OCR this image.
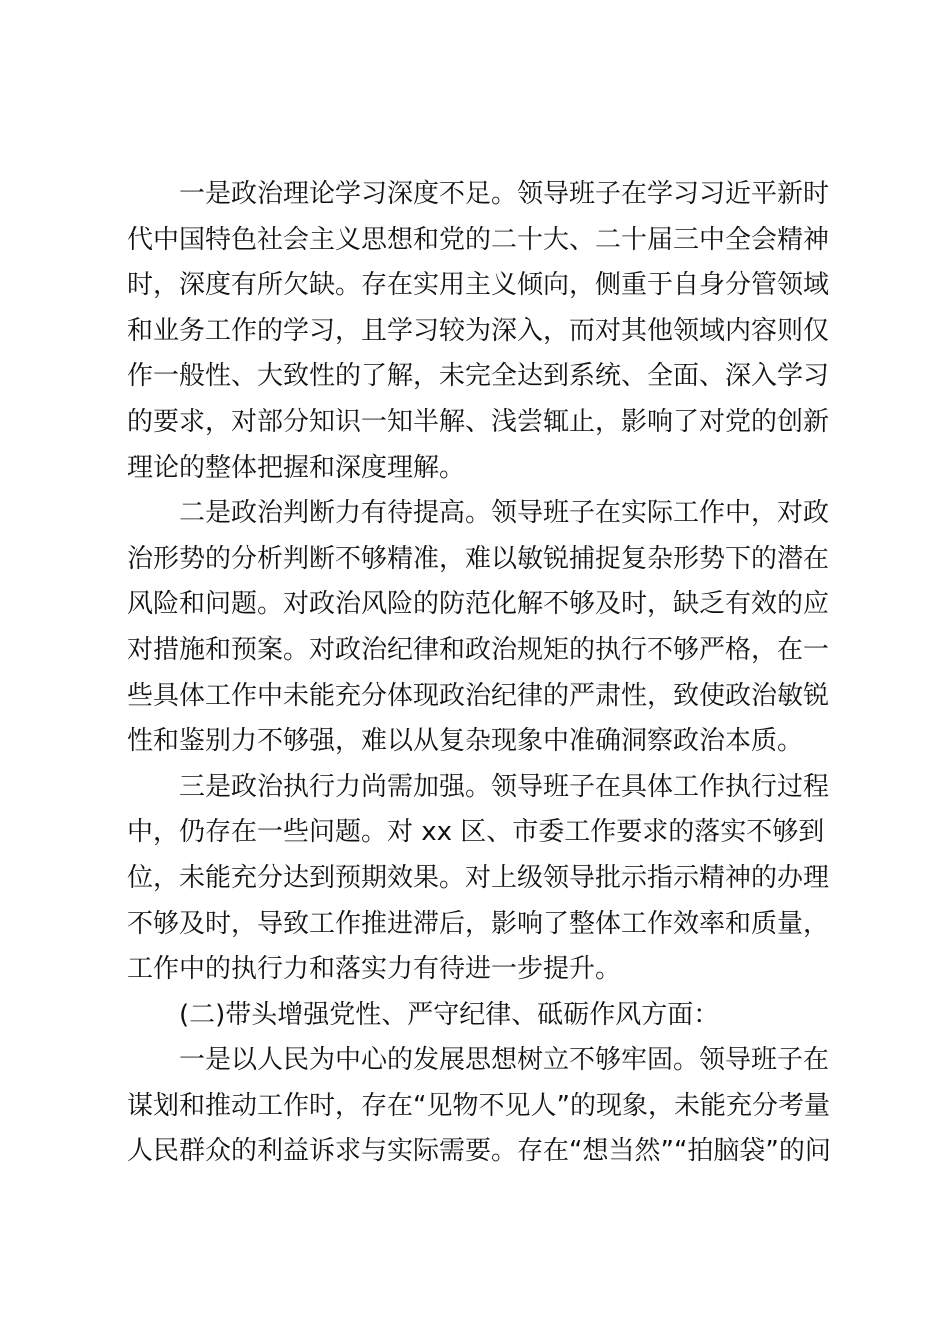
一是政治理论学习深度不足。领导班子在学习习近平新时
代中国特色社会主义思想和党的二十大、二十届三中全会精神
时，深度有所欠缺。存在实用主义倾向，侧重于自身分管领域
和业务工作的学习，且学习较为深入，而对其他领域内容则仅
作一般性、大致性的了解，未完全达到系统、全面、深入学习
的要求，对部分知识一知半解、浅尝辄止，影响了对党的创新
理论的整体把握和深度理解。
二是政治判断力有待提高。领导班子在实际工作中，对政
治形势的分析判断不够精准，难以敏锐捕捉复杂形势下的潜在
风险和问题。对政治风险的防范化解不够及时，缺乏有效的应
对措施和预案。对政治纪律和政治规矩的执行不够严格，在一
些具体工作中未能充分体现政治纪律的严肃性，致使政治敏锐
性和鉴别力不够强，难以从复杂现象中准确洞察政治本质。
三是政治执行力尚需加强。领导班子在具体工作执行过程
中，仍存在一些问题。对 xx 区、市委工作要求的落实不够到
位，未能充分达到预期效果。对上级领导批示指示精神的办理
不够及时，导致工作推进滞后，影响了整体工作效率和质量，
工作中的执行力和落实力有待进一步提升。
(二)带头增强党性、严守纪律、砥砺作风方面：
一是以人民为中心的发展思想树立不够牢固。领导班子在
谋划和推动工作时，存在“见物不见人”的现象，未能充分考量
人民群众的利益诉求与实际需要。存在“想当然”“拍脑袋”的问
